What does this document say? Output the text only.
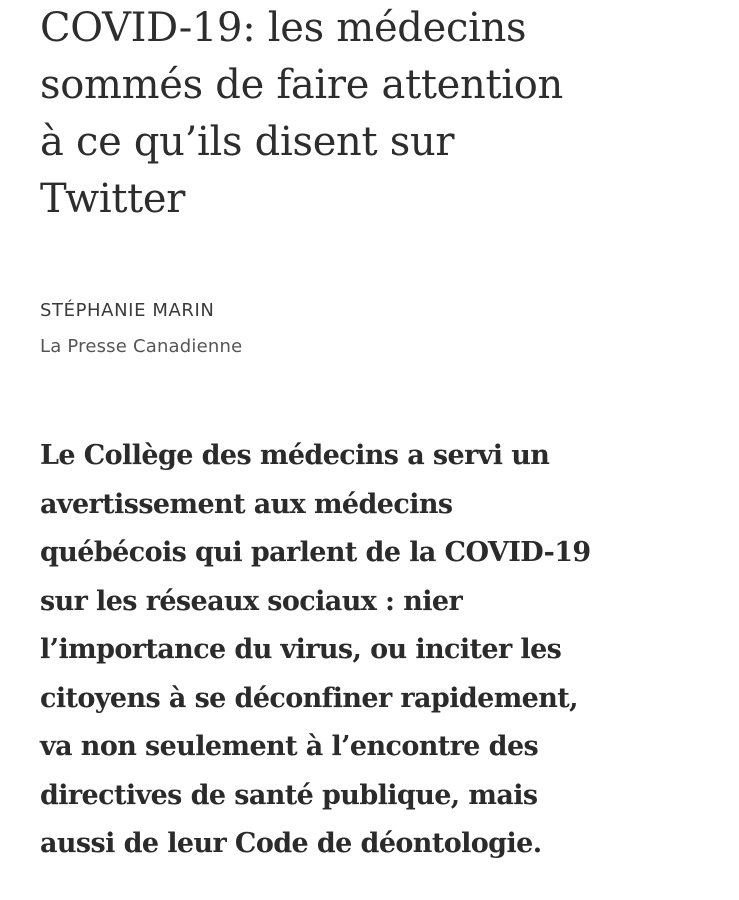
COVID-19: les médecins
sommés de faire attention
à ce qu’ils disent sur
Twitter

STÉPHANIE MARIN

La Presse Canadienne

Le Collège des médecins a servi un
avertissement aux médecins
québécois qui parlent de la COVID-19
sur les réseaux sociaux : nier
l’importance du virus, ou inciter les
citoyens à se déconfiner rapidement,
va non seulement à l’encontre des
directives de santé publique, mais
aussi de leur Code de déontologie.
